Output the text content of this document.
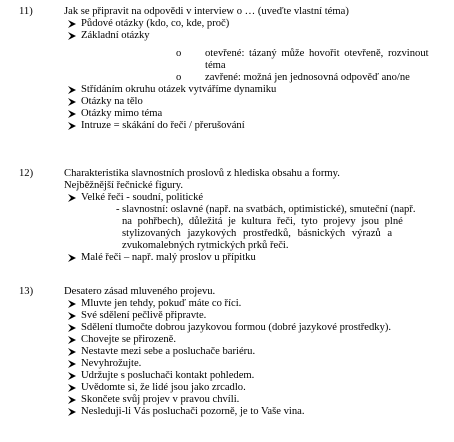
11)	Jak se připravit na odpovědi v interview o … (uveďte vlastní téma)
Půdové otázky (kdo, co, kde, proč)
Základní otázky
o otevřené: tázaný může hovořit otevřeně, rozvinout
téma
o zavřené: možná jen jednosovná odpověď ano/ne
Střídáním okruhu otázek vytváříme dynamiku
Otázky na tělo
Otázky mimo téma
Intruze = skákání do řeči / přerušování
12)	Charakteristika slavnostních proslovů z hlediska obsahu a formy.
Nejběžnější řečnické figury.
Velké řeči - soudní, politické
- slavnostní: oslavné (např. na svatbách, optimistické), smuteční (např.
na pohřbech), důležitá je kultura řeči, tyto projevy jsou plné
stylizovaných jazykových prostředků, básnických výrazů a
zvukomalebných rytmických prků řeči.
Malé řeči – např. malý proslov u přípitku
13)	Desatero zásad mluveného projevu.
Mluvte jen tehdy, pokuď máte co říci.
Své sdělení pečlivě připravte.
Sdělení tlumočte dobrou jazykovou formou (dobré jazykové prostředky).
Chovejte se přirozeně.
Nestavte mezi sebe a posluchače bariéru.
Nevyhrožujte.
Udržujte s posluchači kontakt pohledem.
Uvědomte si, že lidé jsou jako zrcadlo.
Skončete svůj projev v pravou chvíli.
Nesleduji-li Vás posluchači pozorně, je to Vaše vina.
